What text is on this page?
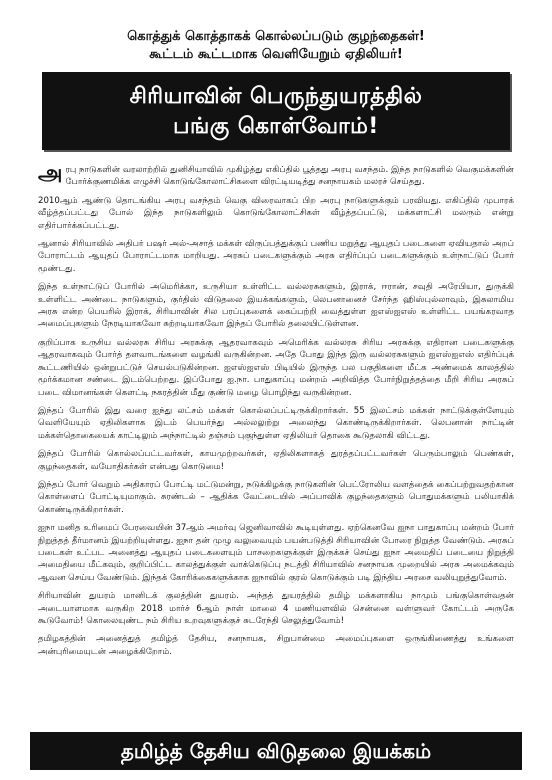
கொத்துக் கொத்தாகக் கொல்லப்படும் குழந்தைகள்!
கூட்டம் கூட்டமாக வெளியேறும் ஏதிலியர்!
சிரியாவின் பெருந்துயரத்தில்
பங்கு கொள்வோம்!

அரபு நாடுகளின் வரலாற்றில் துனிசியாவில் முகிழ்த்து எகிப்தில் பூத்தது அரபு வசந்தம். இந்த நாடுகளில் வெகுமக்களின் போர்க்குணமிக்க எழுச்சி கொடுங்கோலாட்சிகளை விரட்டியடித்து சனநாயகம் மலரச் செய்தது.

2010ஆம் ஆண்டு தொடங்கிய அரபு வசந்தம் வெகு விரைவாகப் பிற அரபு நாடுகளுக்கும் பரவியது. எகிப்தில் முபாரக் வீழ்த்தப்பட்டது போல் இந்த நாடுகளிலும் கொடுங்கோலாட்சிகள் வீழ்த்தப்பட்டு, மக்களாட்சி மலரும் என்று எதிர்பார்க்கப்பட்டது.

ஆனால் சிரியாவில் அதிபர் பஷர் அல்-அசாத் மக்கள் விருப்பத்துக்குப் பணிய மறுத்து ஆயுதப் படைகளை ஏவியதால் அறப் போராட்டம் ஆயுதப் போராட்டமாக மாறியது. அரசுப் படைகளுக்கும் அரசு எதிர்ப்புப் படைகளுக்கும் உள்நாட்டுப் போர் மூண்டது.

இந்த உள்நாட்டுப் போரில் அமெரிக்கா, உருசியா உள்ளிட்ட வல்லரசுகளும், இராக், ஈரான், சவுதி அரேபியா, துருக்கி உள்ளிட்ட அண்டை நாடுகளும், குர்திஸ் விடுதலை இயக்கங்களும், லெபனானைச் சேர்ந்த ஹிஸ்புல்லாவும், இசுலாமிய அரசு என்ற பெயரில் இராக், சிரியாவின் சில பரப்புகளைக் கைப்பற்றி வைத்துள்ள ஐஎஸ்ஐஎஸ் உள்ளிட்ட பயங்கரவாத அமைப்புகளும் நேரடியாகவோ சுற்றடியாகவோ இந்தப் போரில் தலையிட்டுள்ளன.

குறிப்பாக உருசிய வல்லரசு சிரிய அரசுக்கு ஆதரவாகவும் அமெரிக்க வல்லரசு சிரிய அரசுக்கு எதிரான படைகளுக்கு ஆதரவாகவும் போர்த் தளவாடங்களை வழங்கி வருகின்றன. அதே போது இந்த இரு வல்லரசுகளும் ஐஎஸ்ஐஎஸ் எதிர்ப்புக் கூட்டணியில் ஒன்றுபட்டுச் செயல்படுகின்றன. ஐஎஸ்ஐஎஸ் பிடியில் இருந்த பல பகுதிகளை மீட்க அண்மைக் காலத்தில் மூர்க்கமான சண்டை இடம்பெற்றது. இப்போது ஐ.நா. பாதுகாப்பு மன்றம் அறிவித்த போர்நிறுத்தத்தை மீறி சிரிய அரசுப் படை விமானங்கள் கௌட்டி நகரத்தின் மீது குண்டு மழை பொழிந்து வருகின்றன.

இந்தப் போரில் இது வரை ஐந்து லட்சம் மக்கள் கொல்லப்பட்டிருக்கிறார்கள். 55 இலட்சம் மக்கள் நாட்டுக்குள்ளேயும் வெளியேயும் ஏதிலிகளாக இடம் பெயர்ந்து அல்லலுற்று அலைந்து கொண்டிருக்கிறார்கள். லெபனான் நாட்டின் மக்கள்தொகையைக் காட்டிலும் அந்நாட்டில் தஞ்சம் புகுந்துள்ள ஏதிலியர் தொகை கூடுதலாகி விட்டது.

இந்தப் போரில் கொல்லப்பட்டவர்கள், காயமுற்றவர்கள், ஏதிலிகளாகத் துரத்தப்பட்டவர்கள் பெரும்பாலும் பெண்கள், குழந்தைகள், வயோதிகர்கள் என்பது கொடுமை!

இந்தப் போர் வெறும் அதிகாரப் போட்டி மட்டுமன்று, நடுக்கிழக்கு நாடுகளின் பெட்ரோலிய வளத்தைக் கைப்பற்றுவதற்கான கொள்ளைப் போட்டியுமாகும். சுரண்டல் – ஆதிக்க வேட்டையில் அப்பாவிக் குழந்தைகளும் பொதுமக்களும் பலியாகிக் கொண்டிருக்கிறார்கள்.

ஐநா மனித உரிமைப் பேரவையின் 37ஆம் அமர்வு ஜெனிவாவில் கூடியுள்ளது. ஏற்கெனவே ஐநா பாதுகாப்பு மன்றம் போர் நிறுத்தத் தீர்மானம் இயற்றியுள்ளது. ஐநா தன் முழு வலுவையும் பயன்படுத்தி சிரியாவின் போரை நிறுத்த வேண்டும். அரசுப் படைகள் உட்பட அனைத்து ஆயுதப் படைகளையும் பாசறைகளுக்குள் இருக்கச் செய்து ஐநா அமைதிப் படையை நிறுத்தி அமைதியை மீட்கவும், குறிப்பிட்ட காலத்துக்குள் வாக்கெடுப்பு நடத்தி சிரியாவில் சனநாயக முறையில் அரசு அமைக்கவும் ஆவன செய்ய வேண்டும். இந்தக் கோரிக்கைகளுக்காக ஐநாவில் குரல் கொடுக்கும் படி இந்திய அரசை வலியுறுத்துவோம்.

சிரியாவின் துயரம் மானிடக் குலத்தின் துயரம். அந்தத் துயரத்தில் தமிழ் மக்களாகிய நாமும் பங்குகொள்வதன் அடையாளமாக வருகிற 2018 மார்ச் 6ஆம் நாள் மாலை 4 மணியளவில் சென்னை வள்ளுவர் கோட்டம் அருகே கூடுவோம்! கொலையுண்ட நம் சிரிய உறவுகளுக்குச் சுடரேந்தி செலுத்துவோம்!

தமிழகத்தின் அனைத்துத் தமிழ்த் தேசிய, சனநாயக, சிறுபான்மை அமைப்புகளை ஒருங்கிணைத்து உங்களை அன்புரிமையுடன் அழைக்கிறோம்.

தமிழ்த் தேசிய விடுதலை இயக்கம்
